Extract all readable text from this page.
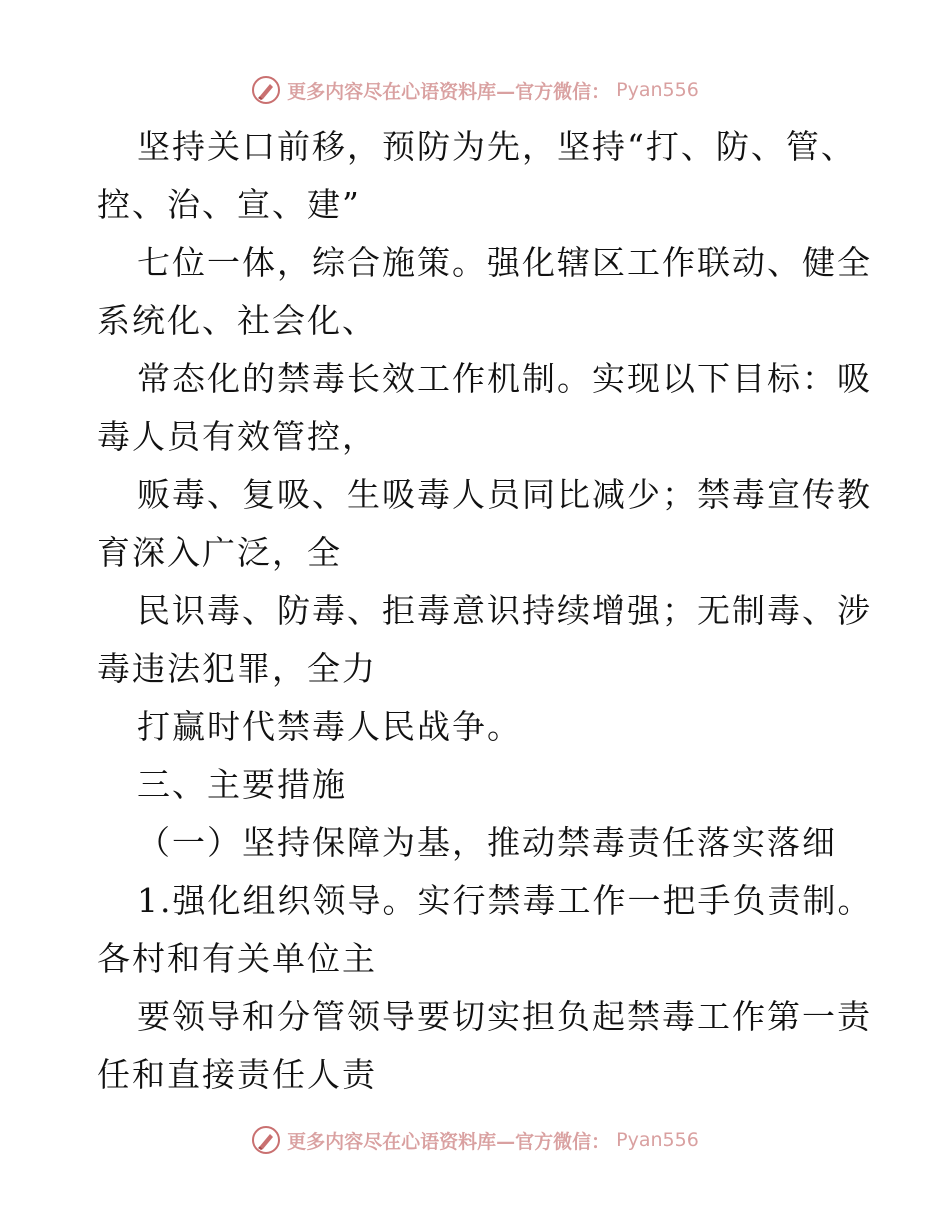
更多内容尽在心语资料库—官方微信： Pyan556
坚持关口前移，预防为先，坚持“打、防、管、
控、治、宣、建”
七位一体，综合施策。强化辖区工作联动、健全
系统化、社会化、
常态化的禁毒长效工作机制。实现以下目标：吸
毒人员有效管控，
贩毒、复吸、生吸毒人员同比减少；禁毒宣传教
育深入广泛，全
民识毒、防毒、拒毒意识持续增强；无制毒、涉
毒违法犯罪，全力
打赢时代禁毒人民战争。
三、主要措施
（一）坚持保障为基，推动禁毒责任落实落细
1.强化组织领导。实行禁毒工作一把手负责制。
各村和有关单位主
要领导和分管领导要切实担负起禁毒工作第一责
任和直接责任人责
更多内容尽在心语资料库—官方微信： Pyan556
